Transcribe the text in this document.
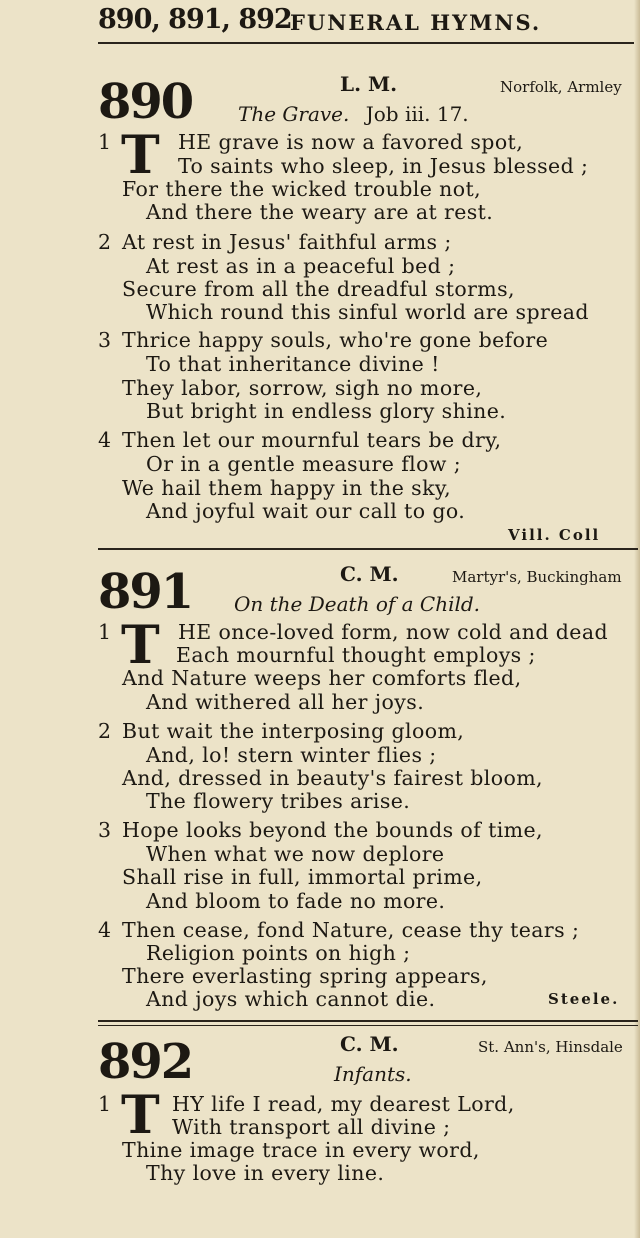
890, 891, 892
FUNERAL HYMNS.
890	L. M.	Norfolk, Armley
The Grave. Job iii. 17.
T
1	HE grave is now a favored spot,
To saints who sleep, in Jesus blessed ;
For there the wicked trouble not,
And there the weary are at rest.
2 At rest in Jesus' faithful arms ;
At rest as in a peaceful bed ;
Secure from all the dreadful storms,
Which round this sinful world are spread
3 Thrice happy souls, who're gone before
To that inheritance divine !
They labor, sorrow, sigh no more,
But bright in endless glory shine.
4 Then let our mournful tears be dry,
Or in a gentle measure flow ;
We hail them happy in the sky,
And joyful wait our call to go.
Vill. Coll
891	C. M.	Martyr's, Buckingham
On the Death of a Child.
T
1	HE once-loved form, now cold and dead
Each mournful thought employs ;
And Nature weeps her comforts fled,
And withered all her joys.
2 But wait the interposing gloom,
And, lo! stern winter flies ;
And, dressed in beauty's fairest bloom,
The flowery tribes arise.
3 Hope looks beyond the bounds of time,
When what we now deplore
Shall rise in full, immortal prime,
And bloom to fade no more.
4 Then cease, fond Nature, cease thy tears ;
Religion points on high ;
There everlasting spring appears,
And joys which cannot die.	Steele.
892	C. M.	St. Ann's, Hinsdale
Infants.
T
1	HY life I read, my dearest Lord,
With transport all divine ;
Thine image trace in every word,
Thy love in every line.
